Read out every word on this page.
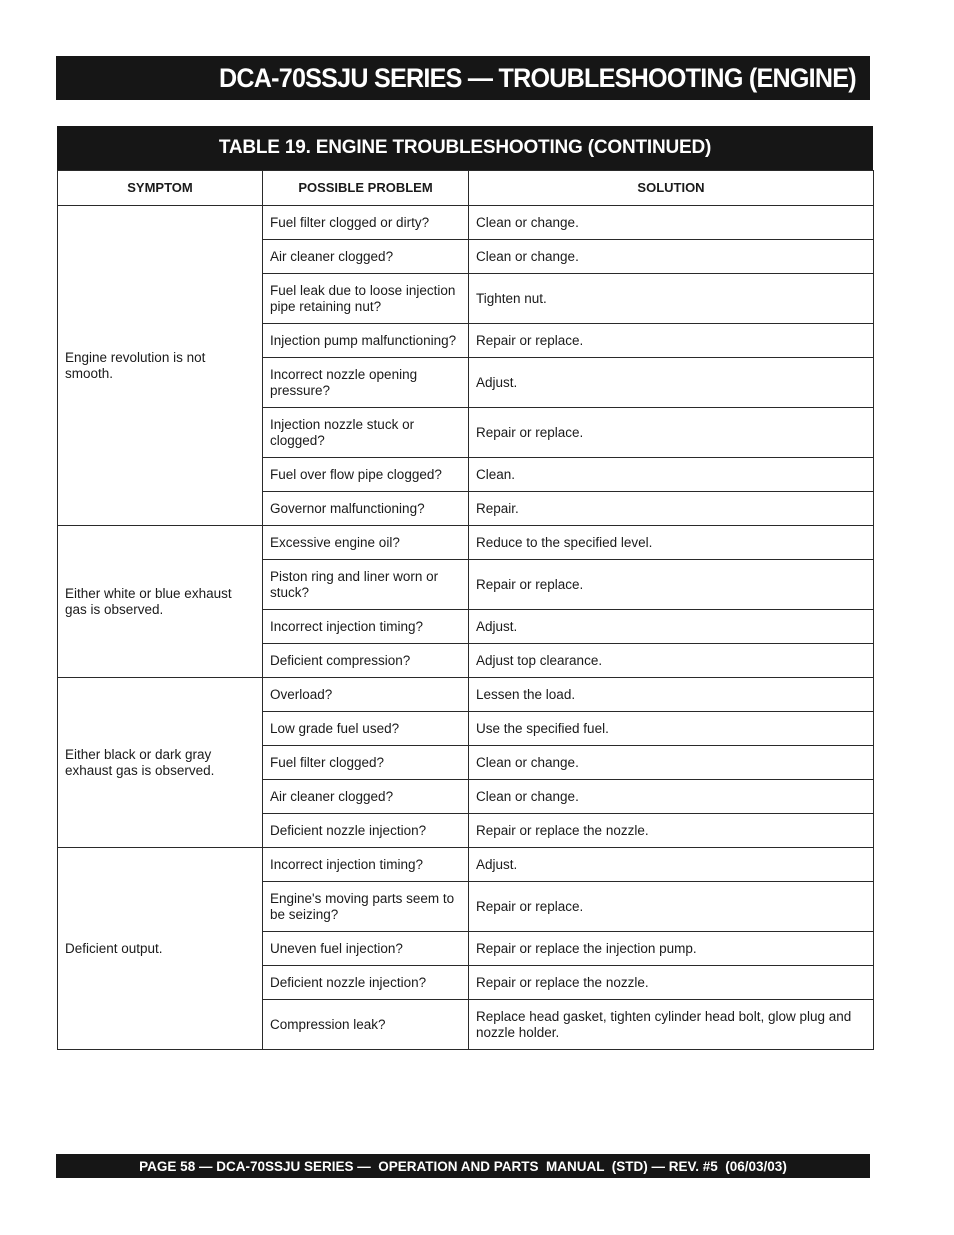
DCA-70SSJU SERIES — TROUBLESHOOTING (ENGINE)
TABLE 19. ENGINE TROUBLESHOOTING (CONTINUED)
SYMPTOM	POSSIBLE PROBLEM	SOLUTION
Engine revolution is not smooth.	Fuel filter clogged or dirty?	Clean or change.
	Air cleaner clogged?	Clean or change.
	Fuel leak due to loose injection pipe retaining nut?	Tighten nut.
	Injection pump malfunctioning?	Repair or replace.
	Incorrect nozzle opening pressure?	Adjust.
	Injection nozzle stuck or clogged?	Repair or replace.
	Fuel over flow pipe clogged?	Clean.
	Governor malfunctioning?	Repair.
Either white or blue exhaust gas is observed.	Excessive engine oil?	Reduce to the specified level.
	Piston ring and liner worn or stuck?	Repair or replace.
	Incorrect injection timing?	Adjust.
	Deficient compression?	Adjust top clearance.
Either black or dark gray exhaust gas is observed.	Overload?	Lessen the load.
	Low grade fuel used?	Use the specified fuel.
	Fuel filter clogged?	Clean or change.
	Air cleaner clogged?	Clean or change.
	Deficient nozzle injection?	Repair or replace the nozzle.
Deficient output.	Incorrect injection timing?	Adjust.
	Engine's moving parts seem to be seizing?	Repair or replace.
	Uneven fuel injection?	Repair or replace the injection pump.
	Deficient nozzle injection?	Repair or replace the nozzle.
	Compression leak?	Replace head gasket, tighten cylinder head bolt, glow plug and nozzle holder.
PAGE 58 — DCA-70SSJU SERIES —  OPERATION AND PARTS  MANUAL  (STD) — REV. #5  (06/03/03)
